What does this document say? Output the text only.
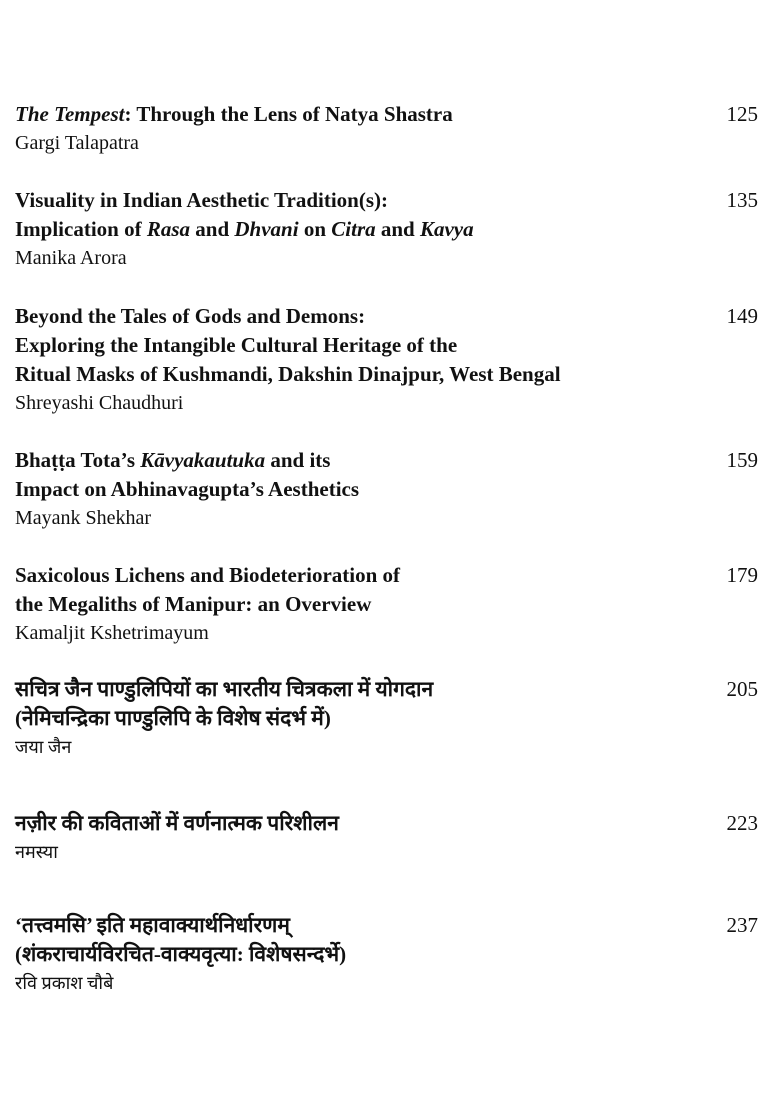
The Tempest: Through the Lens of Natya Shastra
Gargi Talapatra
125
Visuality in Indian Aesthetic Tradition(s):
Implication of Rasa and Dhvani on Citra and Kavya
Manika Arora
135
Beyond the Tales of Gods and Demons:
Exploring the Intangible Cultural Heritage of the
Ritual Masks of Kushmandi, Dakshin Dinajpur, West Bengal
Shreyashi Chaudhuri
149
Bhaṭṭa Tota’s Kāvyakautuka and its
Impact on Abhinavagupta’s Aesthetics
Mayank Shekhar
159
Saxicolous Lichens and Biodeterioration of
the Megaliths of Manipur: an Overview
Kamaljit Kshetrimayum
179
सचित्र जैन पाण्डुलिपियों का भारतीय चित्रकला में योगदान
(नेमिचन्द्रिका पाण्डुलिपि के विशेष संदर्भ में)
जया जैन
205
नज़ीर की कविताओं में वर्णनात्मक परिशीलन
नमस्या
223
‘तत्त्वमसि’ इति महावाक्यार्थनिर्धारणम्
(शंकराचार्यविरचित-वाक्यवृत्या: विशेषसन्दर्भे)
रवि प्रकाश चौबे
237
